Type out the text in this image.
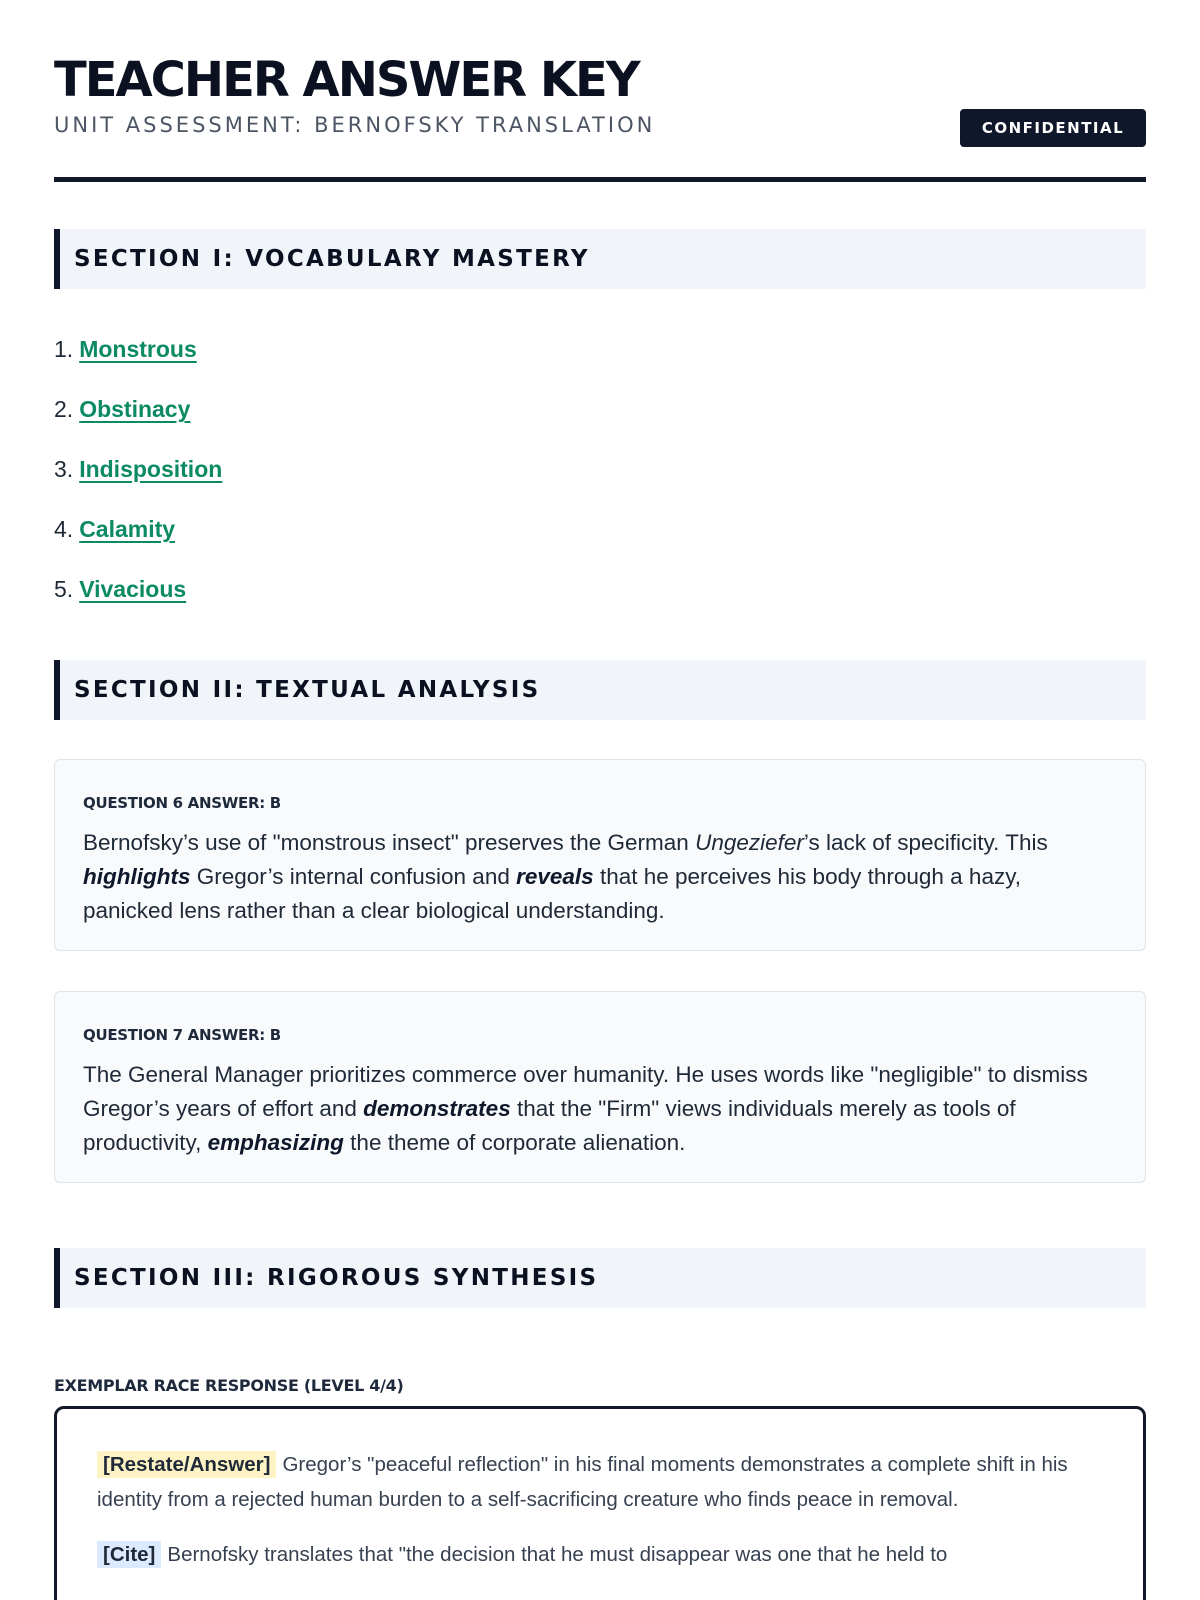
TEACHER ANSWER KEY
UNIT ASSESSMENT: BERNOFSKY TRANSLATION	CONFIDENTIAL
SECTION I: VOCABULARY MASTERY
1. Monstrous
2. Obstinacy
3. Indisposition
4. Calamity
5. Vivacious
SECTION II: TEXTUAL ANALYSIS
QUESTION 6 ANSWER: B

Bernofsky’s use of "monstrous insect" preserves the German Ungeziefer’s lack of specificity. This highlights Gregor’s internal confusion and reveals that he perceives his body through a hazy, panicked lens rather than a clear biological understanding.

QUESTION 7 ANSWER: B

The General Manager prioritizes commerce over humanity. He uses words like "negligible" to dismiss Gregor’s years of effort and demonstrates that the "Firm" views individuals merely as tools of productivity, emphasizing the theme of corporate alienation.

SECTION III: RIGOROUS SYNTHESIS
EXEMPLAR RACE RESPONSE (LEVEL 4/4)

[Restate/Answer] Gregor’s "peaceful reflection" in his final moments demonstrates a complete shift in his identity from a rejected human burden to a self-sacrificing creature who finds peace in removal.

[Cite] Bernofsky translates that "the decision that he must disappear was one that he held to
